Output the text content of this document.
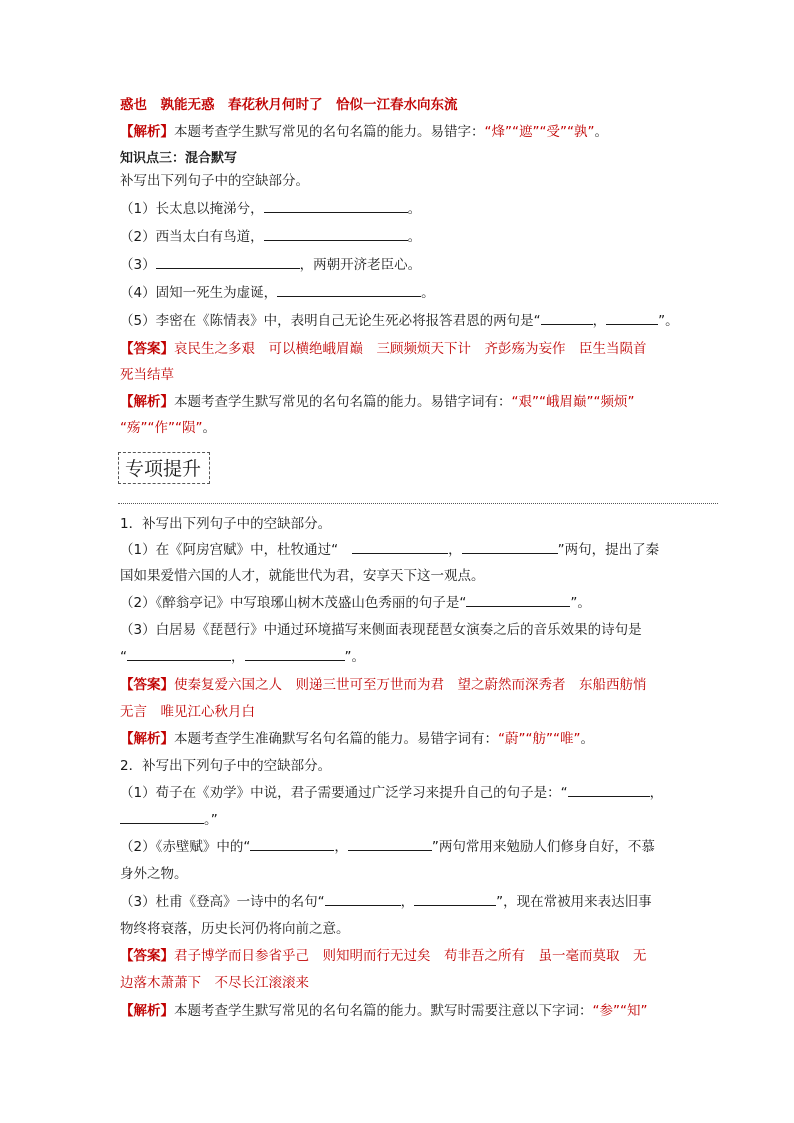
惑也　孰能无惑　春花秋月何时了　恰似一江春水向东流
【解析】本题考查学生默写常见的名句名篇的能力。易错字：“烽”“遮”“受”“孰”。
知识点三：混合默写
补写出下列句子中的空缺部分。
（1）长太息以掩涕兮，	。
（2）西当太白有鸟道，	。
（3）	，两朝开济老臣心。
（4）固知一死生为虚诞，	。
（5）李密在《陈情表》中，表明自己无论生死必将报答君恩的两句是“	，	”。
【答案】哀民生之多艰　可以横绝峨眉巅　三顾频烦天下计　齐彭殇为妄作　臣生当陨首
死当结草
【解析】本题考查学生默写常见的名句名篇的能力。易错字词有：“艰”“峨眉巅”“频烦”
“殇”“作”“陨”。
专项提升
1．补写出下列句子中的空缺部分。
（1）在《阿房宫赋》中，杜牧通过“	，	”两句，提出了秦
国如果爱惜六国的人才，就能世代为君，安享天下这一观点。
（2）《醉翁亭记》中写琅琊山树木茂盛山色秀丽的句子是“	”。
（3）白居易《琵琶行》中通过环境描写来侧面表现琵琶女演奏之后的音乐效果的诗句是
“	，	”。
【答案】使秦复爱六国之人　则递三世可至万世而为君　望之蔚然而深秀者　东船西舫悄
无言　唯见江心秋月白
【解析】本题考查学生准确默写名句名篇的能力。易错字词有：“蔚”“舫”“唯”。
2．补写出下列句子中的空缺部分。
（1）荀子在《劝学》中说，君子需要通过广泛学习来提升自己的句子是：“	，
。”
（2）《赤壁赋》中的“	，	”两句常用来勉励人们修身自好，不慕
身外之物。
（3）杜甫《登高》一诗中的名句“	，	”，现在常被用来表达旧事
物终将衰落，历史长河仍将向前之意。
【答案】君子博学而日参省乎己　则知明而行无过矣　苟非吾之所有　虽一毫而莫取　无
边落木萧萧下　不尽长江滚滚来
【解析】本题考查学生默写常见的名句名篇的能力。默写时需要注意以下字词：“参”“知”
